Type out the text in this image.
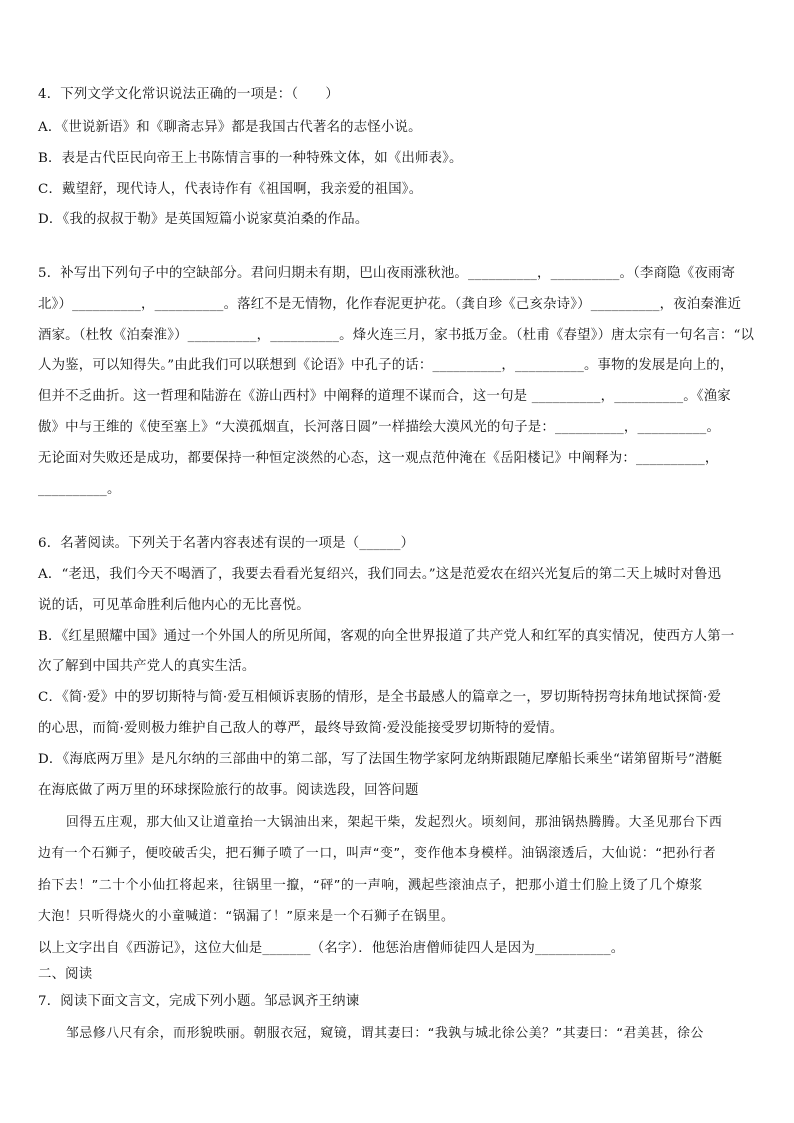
4．下列文学文化常识说法正确的一项是：（　　）
A．《世说新语》和《聊斋志异》都是我国古代著名的志怪小说。
B．表是古代臣民向帝王上书陈情言事的一种特殊文体，如《出师表》。
C．戴望舒，现代诗人，代表诗作有《祖国啊，我亲爱的祖国》。
D．《我的叔叔于勒》是英国短篇小说家莫泊桑的作品。
5．补写出下列句子中的空缺部分。君问归期未有期，巴山夜雨涨秋池。__________，__________。（李商隐《夜雨寄
北》）__________，__________。落红不是无情物，化作春泥更护花。（龚自珍《己亥杂诗》）__________，夜泊秦淮近
酒家。（杜牧《泊秦淮》）__________，__________。烽火连三月，家书抵万金。（杜甫《春望》）唐太宗有一句名言：“以
人为鉴，可以知得失。”由此我们可以联想到《论语》中孔子的话：__________，__________。事物的发展是向上的，
但并不乏曲折。这一哲理和陆游在《游山西村》中阐释的道理不谋而合，这一句是 __________，__________。《渔家
傲》中与王维的《使至塞上》“大漠孤烟直，长河落日圆”一样描绘大漠风光的句子是：__________，__________。
无论面对失败还是成功，都要保持一种恒定淡然的心态，这一观点范仲淹在《岳阳楼记》中阐释为：__________，
__________。
6．名著阅读。下列关于名著内容表述有误的一项是（______）
A．“老迅，我们今天不喝酒了，我要去看看光复绍兴，我们同去。”这是范爱农在绍兴光复后的第二天上城时对鲁迅
说的话，可见革命胜利后他内心的无比喜悦。
B．《红星照耀中国》通过一个外国人的所见所闻，客观的向全世界报道了共产党人和红军的真实情况，使西方人第一
次了解到中国共产党人的真实生活。
C．《简·爱》中的罗切斯特与简·爱互相倾诉衷肠的情形，是全书最感人的篇章之一，罗切斯特拐弯抹角地试探简·爱
的心思，而简·爱则极力维护自己敌人的尊严，最终导致简·爱没能接受罗切斯特的爱情。
D．《海底两万里》是凡尔纳的三部曲中的第二部，写了法国生物学家阿龙纳斯跟随尼摩船长乘坐“诺第留斯号”潜艇
在海底做了两万里的环球探险旅行的故事。阅读选段，回答问题
回得五庄观，那大仙又让道童抬一大锅油出来，架起干柴，发起烈火。顷刻间，那油锅热腾腾。大圣见那台下西
边有一个石狮子，便咬破舌尖，把石狮子喷了一口，叫声“变”，变作他本身模样。油锅滚透后，大仙说：“把孙行者
抬下去！”二十个小仙扛将起来，往锅里一攛，“砰”的一声响，溅起些滚油点子，把那小道士们脸上烫了几个燎浆
大泡！只听得烧火的小童喊道：“锅漏了！”原来是一个石狮子在锅里。
以上文字出自《西游记》，这位大仙是_______（名字）．他惩治唐僧师徒四人是因为___________。
二、阅读
7．阅读下面文言文，完成下列小题。邹忌讽齐王纳谏
邹忌修八尺有余，而形貌昳丽。朝服衣冠，窥镜，谓其妻曰：“我孰与城北徐公美？”其妻曰：“君美甚，徐公
